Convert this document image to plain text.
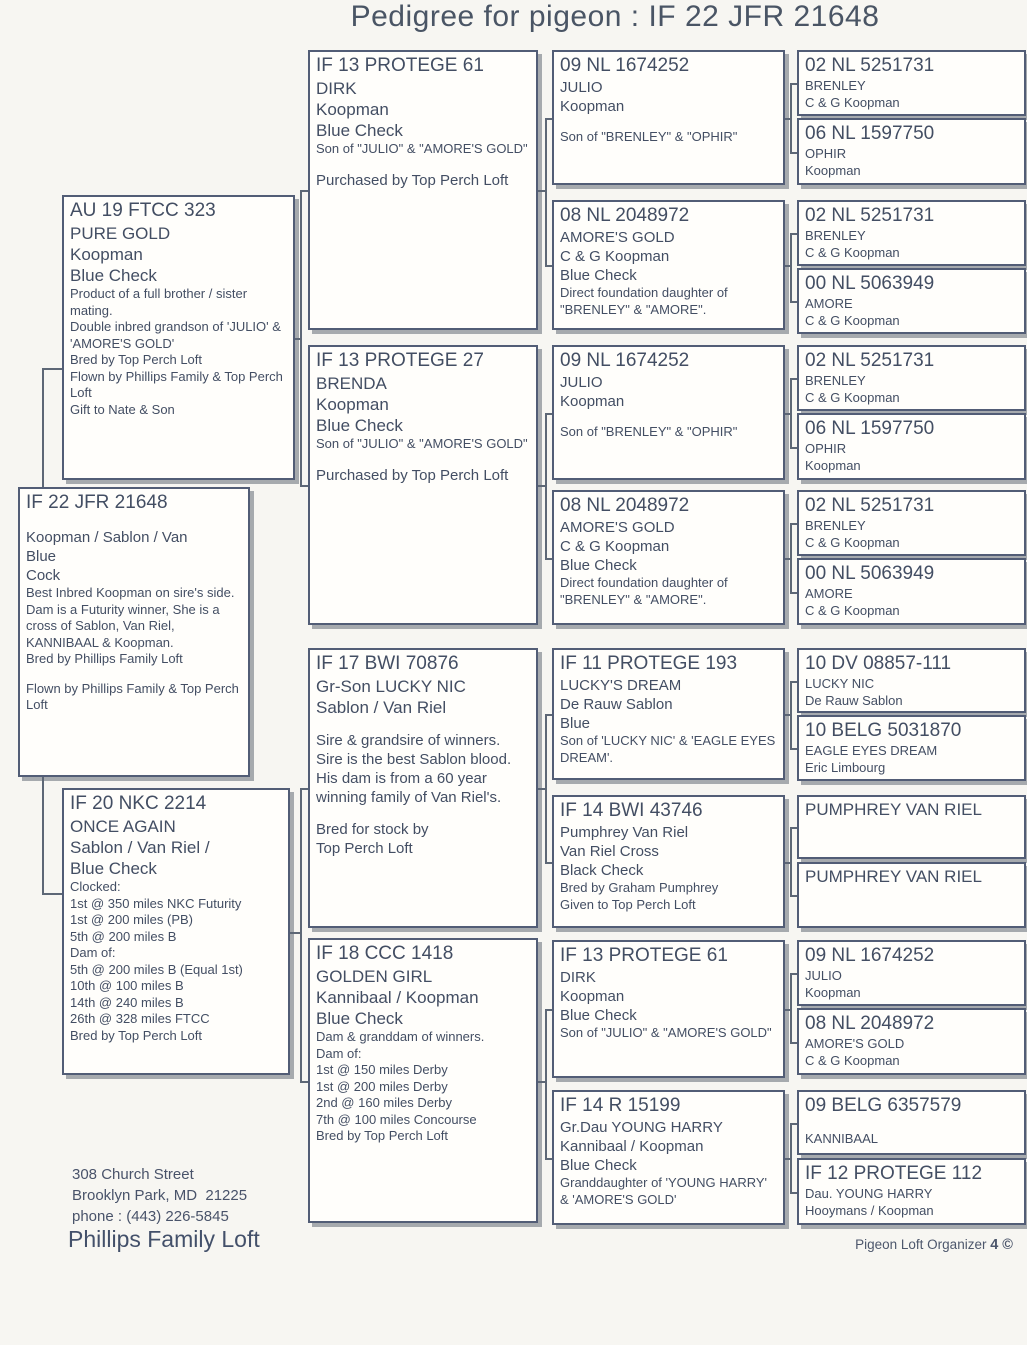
Pedigree for pigeon : IF 22 JFR 21648
308 Church Street
Brooklyn Park, MD  21225
phone : (443) 226-5845
Phillips Family Loft	Pigeon Loft Organizer 4 ©
AU 19 FTCC 323
PURE GOLD
Koopman
Blue Check
Product of a full brother / sister mating.
Double inbred grandson of 'JULIO' & 'AMORE'S GOLD'
Bred by Top Perch Loft
Flown by Phillips Family & Top Perch Loft
Gift to Nate & Son
IF 22 JFR 21648
Koopman / Sablon / Van
Blue
Cock
Best Inbred Koopman on sire's side.  Dam is a Futurity winner, She is a cross of Sablon, Van Riel, KANNIBAAL & Koopman.
Bred by Phillips Family Loft
Flown by Phillips Family & Top Perch Loft
IF 20 NKC 2214
ONCE AGAIN
Sablon / Van Riel /
Blue Check
Clocked:
1st @ 350 miles NKC Futurity
1st @ 200 miles (PB)
5th @ 200 miles B
Dam of:
5th @ 200 miles B (Equal 1st)
10th @ 100 miles B
14th @ 240 miles B
26th @ 328 miles FTCC
Bred by Top Perch Loft
IF 13 PROTEGE 61
DIRK
Koopman
Blue Check
Son of "JULIO" & "AMORE'S GOLD"
Purchased by Top Perch Loft
IF 13 PROTEGE 27
BRENDA
Koopman
Blue Check
Son of "JULIO" & "AMORE'S GOLD"
Purchased by Top Perch Loft
IF 17 BWI 70876
Gr-Son LUCKY NIC
Sablon / Van Riel
Sire & grandsire of winners. Sire is the best Sablon blood. His dam is from a 60 year winning family of Van Riel's.
Bred for stock by
Top Perch Loft
IF 18 CCC 1418
GOLDEN GIRL
Kannibaal / Koopman
Blue Check
Dam & granddam of winners.
Dam of:
1st @ 150 miles Derby
1st @ 200 miles Derby
2nd @ 160 miles Derby
7th @ 100 miles Concourse
Bred by Top Perch Loft
09 NL 1674252
JULIO
Koopman
Son of "BRENLEY" & "OPHIR"
08 NL 2048972
AMORE'S GOLD
C & G Koopman
Blue Check
Direct foundation daughter of "BRENLEY" & "AMORE".
09 NL 1674252
JULIO
Koopman
Son of "BRENLEY" & "OPHIR"
08 NL 2048972
AMORE'S GOLD
C & G Koopman
Blue Check
Direct foundation daughter of "BRENLEY" & "AMORE".
IF 11 PROTEGE 193
LUCKY'S DREAM
De Rauw Sablon
Blue
Son of 'LUCKY NIC' & 'EAGLE EYES DREAM'.
IF 14 BWI 43746
Pumphrey Van Riel
Van Riel Cross
Black Check
Bred by Graham Pumphrey
Given to Top Perch Loft
IF 13 PROTEGE 61
DIRK
Koopman
Blue Check
Son of "JULIO" & "AMORE'S GOLD"
IF 14 R 15199
Gr.Dau YOUNG HARRY
Kannibaal / Koopman
Blue Check
Granddaughter of 'YOUNG HARRY' & 'AMORE'S GOLD'
02 NL 5251731
BRENLEY
C & G Koopman
06 NL 1597750
OPHIR
Koopman
02 NL 5251731
BRENLEY
C & G Koopman
00 NL 5063949
AMORE
C & G Koopman
02 NL 5251731
BRENLEY
C & G Koopman
06 NL 1597750
OPHIR
Koopman
02 NL 5251731
BRENLEY
C & G Koopman
00 NL 5063949
AMORE
C & G Koopman
10 DV 08857-111
LUCKY NIC
De Rauw Sablon
10 BELG 5031870
EAGLE EYES DREAM
Eric Limbourg
PUMPHREY VAN RIEL
PUMPHREY VAN RIEL
09 NL 1674252
JULIO
Koopman
08 NL 2048972
AMORE'S GOLD
C & G Koopman
09 BELG 6357579
KANNIBAAL
IF 12 PROTEGE 112
Dau. YOUNG HARRY
Hooymans / Koopman
